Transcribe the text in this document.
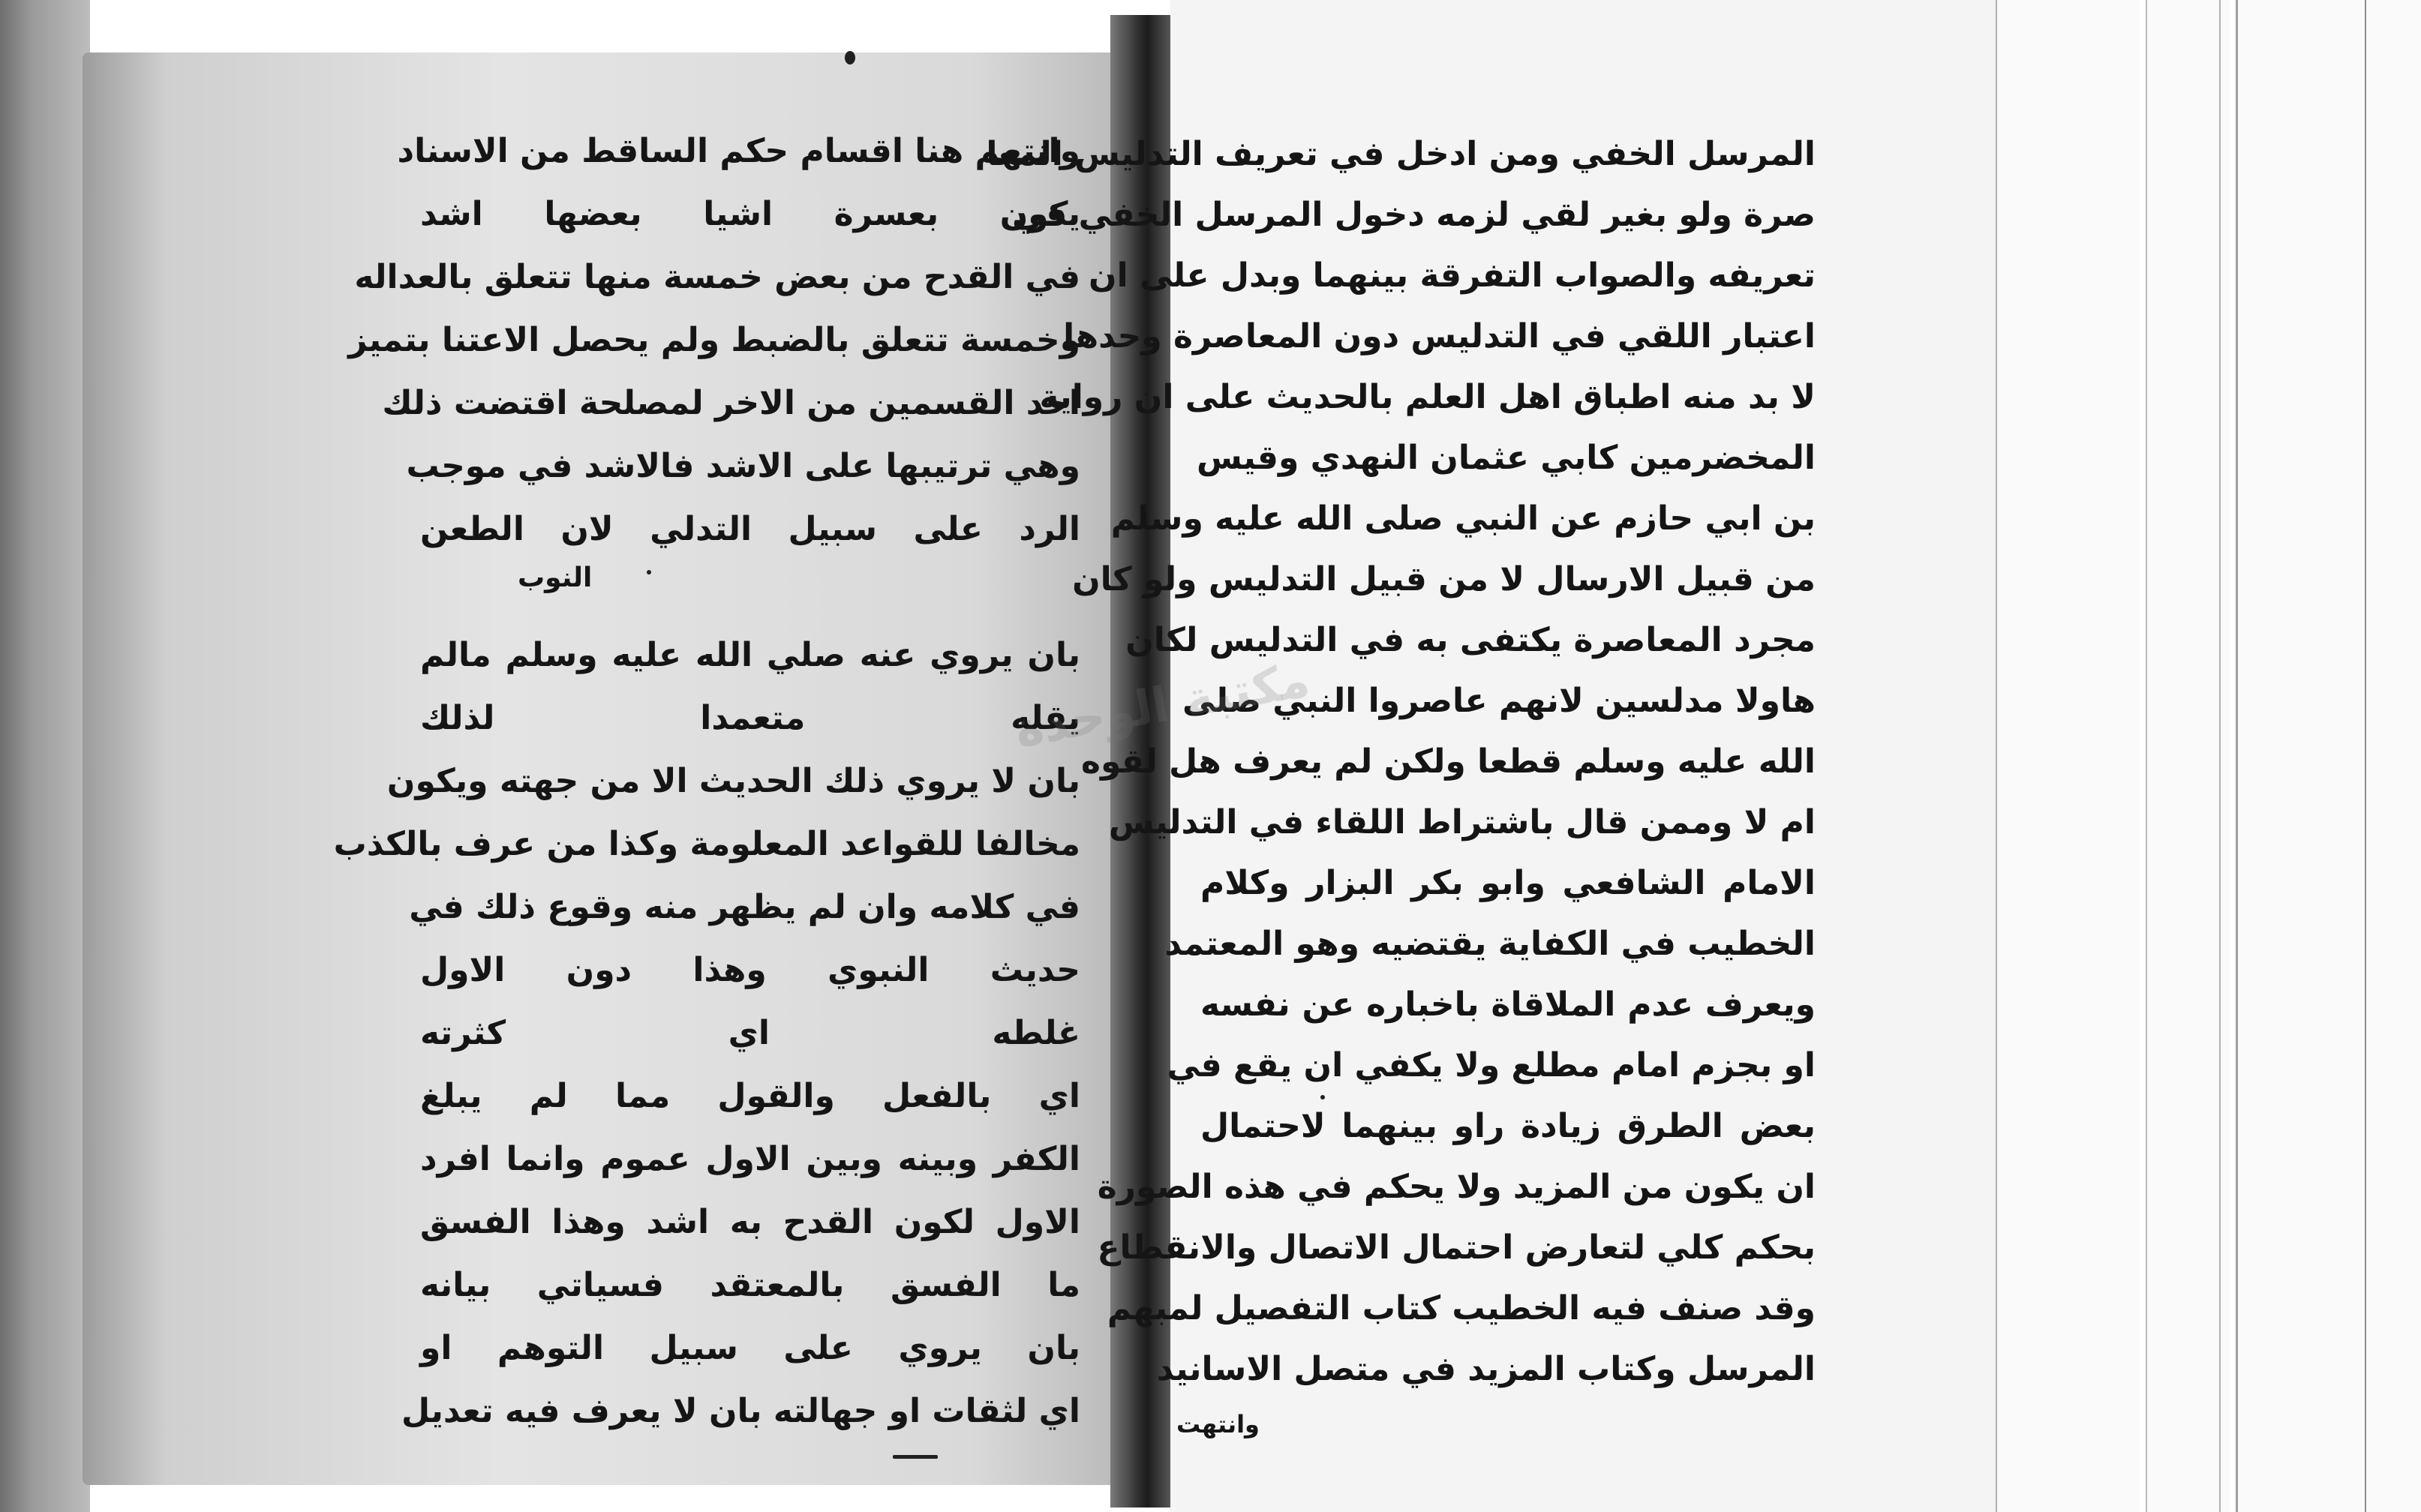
وانتهم هنا اقسام حكم الساقط من الاسناد
يكون بعسرة اشيا بعضها اشد
في القدح من بعض خمسة منها تتعلق بالعداله
وخمسة تتعلق بالضبط ولم يحصل الاعتنا بتميز
احد القسمين من الاخر لمصلحة اقتضت ذلك
وهي ترتيبها على الاشد فالاشد في موجب
الرد على سبيل التدلي لان الطعن
بان يروي عنه صلي الله عليه وسلم مالم
يقله متعمدا لذلك
بان لا يروي ذلك الحديث الا من جهته ويكون
مخالفا للقواعد المعلومة وكذا من عرف بالكذب
في كلامه وان لم يظهر منه وقوع ذلك في
حديث النبوي وهذا دون الاول
غلطه اي كثرته
اي بالفعل والقول مما لم يبلغ
الكفر وبينه وبين الاول عموم وانما افرد
الاول لكون القدح به اشد وهذا الفسق
ما الفسق بالمعتقد فسياتي بيانه
بان يروي على سبيل التوهم او
اي لثقات او جهالته بان لا يعرف فيه تعديل
النوب
المرسل الخفي ومن ادخل في تعريف التدليس المعا
صرة ولو بغير لقي لزمه دخول المرسل الخفي في
تعريفه والصواب التفرقة بينهما وبدل على ان
اعتبار اللقي في التدليس دون المعاصرة وحدها
لا بد منه اطباق اهل العلم بالحديث على ان رواية
المخضرمين كابي عثمان النهدي وقيس
بن ابي حازم عن النبي صلى الله عليه وسلم
من قبيل الارسال لا من قبيل التدليس ولو كان
مجرد المعاصرة يكتفى به في التدليس لكان
هاولا مدلسين لانهم عاصروا النبي صلى
الله عليه وسلم قطعا ولكن لم يعرف هل لقوه
ام لا وممن قال باشتراط اللقاء في التدليس
الامام الشافعي وابو بكر البزار وكلام
الخطيب في الكفاية يقتضيه وهو المعتمد
ويعرف عدم الملاقاة باخباره عن نفسه
او بجزم امام مطلع ولا يكفي ان يقع في
بعض الطرق زيادة راو بينهما لاحتمال
ان يكون من المزيد ولا يحكم في هذه الصورة
بحكم كلي لتعارض احتمال الاتصال والانقطاع
وقد صنف فيه الخطيب كتاب التفصيل لمبهم
المرسل وكتاب المزيد في متصل الاسانيد
وانتهت
مكتبة الوحدة
